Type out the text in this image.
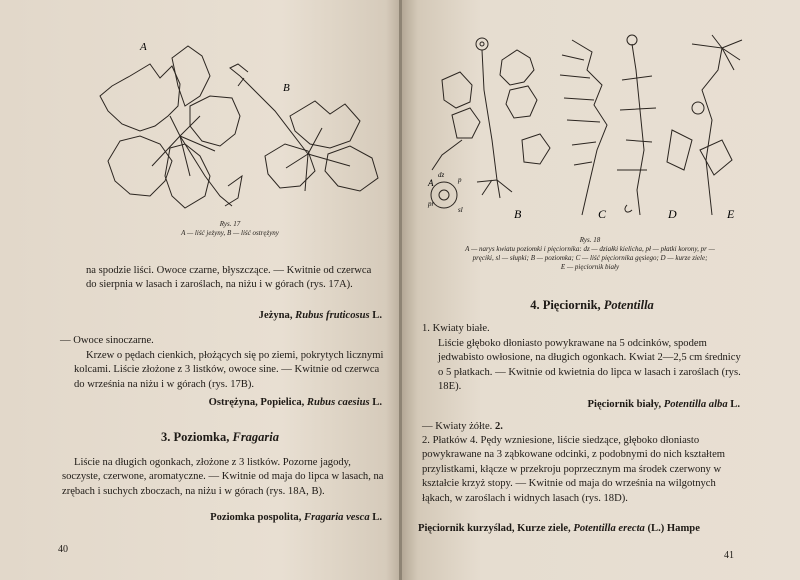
A
B
Rys. 17
A — liść jeżyny, B — liść ostrężyny
na spodzie liści. Owoce czarne, błyszczące. — Kwitnie od czerwca do sierpnia w lasach i zaroślach, na niżu i w górach (rys. 17A).
Jeżyna, Rubus fruticosus L.
— Owoce sinoczarne.
Krzew o pędach cienkich, płożących się po ziemi, pokrytych licznymi kolcami. Liście złożone z 3 listków, owoce sine. — Kwitnie od czerwca do września na niżu i w górach (rys. 17B).
Ostrężyna, Popielica, Rubus caesius L.
3. Poziomka, Fragaria
Liście na długich ogonkach, złożone z 3 listków. Pozorne jagody, soczyste, czerwone, aromatyczne. — Kwitnie od maja do lipca w lasach, na zrębach i suchych zboczach, na niżu i w górach (rys. 18A, B).
Poziomka pospolita, Fragaria vesca L.
40
A
dz
p
pr
sl	B	C	D	E
Rys. 18
A — narys kwiatu poziomki i pięciornika: dz — działki kielicha, pł — płatki korony, pr —
pręciki, sl — słupki; B — poziomka; C — liść pięciornika gęsiego; D — kurze ziele;
E — pięciornik biały
4. Pięciornik, Potentilla
1. Kwiaty białe.
Liście głęboko dłoniasto powykrawane na 5 odcinków, spodem jedwabisto owłosione, na długich ogonkach. Kwiat 2—2,5 cm średnicy o 5 płatkach. — Kwitnie od kwietnia do lipca w lasach i zaroślach (rys. 18E).
Pięciornik biały, Potentilla alba L.
— Kwiaty żółte. 2.
2. Płatków 4. Pędy wzniesione, liście siedzące, głęboko dłoniasto powykrawane na 3 ząbkowane odcinki, z podobnymi do nich kształtem przylistkami, kłącze w przekroju poprzecznym ma środek czerwony w kształcie krzyż stopy. — Kwitnie od maja do września na wilgotnych łąkach, w zaroślach i widnych lasach (rys. 18D).
Pięciornik kurzyślad, Kurze ziele, Potentilla erecta (L.) Hampe
41
